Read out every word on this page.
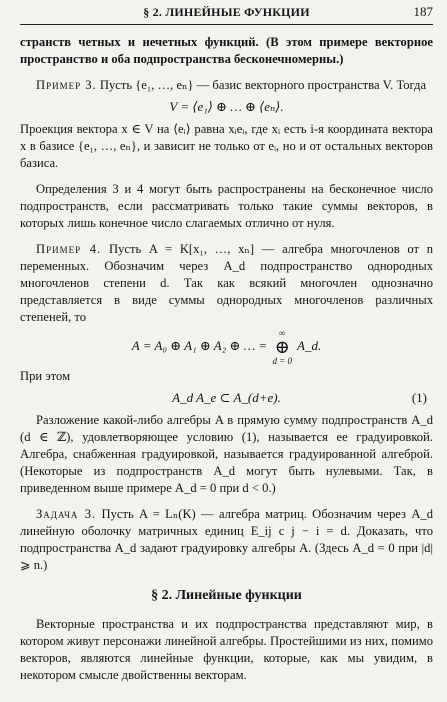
§ 2. ЛИНЕЙНЫЕ ФУНКЦИИ	187

странств четных и нечетных функций. (В этом примере векторное пространство и оба подпространства бесконечномерны.)

Пример 3. Пусть {e₁, …, eₙ} — базис векторного пространства V. Тогда

V = ⟨e₁⟩ ⊕ … ⊕ ⟨eₙ⟩.

Проекция вектора x ∈ V на ⟨eᵢ⟩ равна xᵢeᵢ, где xᵢ есть i-я координата вектора x в базисе {e₁, …, eₙ}, и зависит не только от eᵢ, но и от остальных векторов базиса.

Определения 3 и 4 могут быть распространены на бесконечное число подпространств, если рассматривать только такие суммы векторов, в которых лишь конечное число слагаемых отлично от нуля.

Пример 4. Пусть A = K[x₁, …, xₙ] — алгебра многочленов от n переменных. Обозначим через A_d подпространство однородных многочленов степени d. Так как всякий многочлен однозначно представляется в виде суммы однородных многочленов различных степеней, то

A = A₀ ⊕ A₁ ⊕ A₂ ⊕ … =
∞
⊕
d = 0
A_d.

При этом

A_d A_e ⊂ A_(d+e).	(1)

Разложение какой-либо алгебры A в прямую сумму подпространств A_d (d ∈ ℤ), удовлетворяющее условию (1), называется ее градуировкой. Алгебра, снабженная градуировкой, называется градуированной алгеброй. (Некоторые из подпространств A_d могут быть нулевыми. Так, в приведенном выше примере A_d = 0 при d < 0.)

Задача 3. Пусть A = Lₙ(K) — алгебра матриц. Обозначим через A_d линейную оболочку матричных единиц E_ij с j − i = d. Доказать, что подпространства A_d задают градуировку алгебры A. (Здесь A_d = 0 при |d| ⩾ n.)

§ 2. Линейные функции

Векторные пространства и их подпространства представляют мир, в котором живут персонажи линейной алгебры. Простейшими из них, помимо векторов, являются линейные функции, которые, как мы увидим, в некотором смысле двойственны векторам.
